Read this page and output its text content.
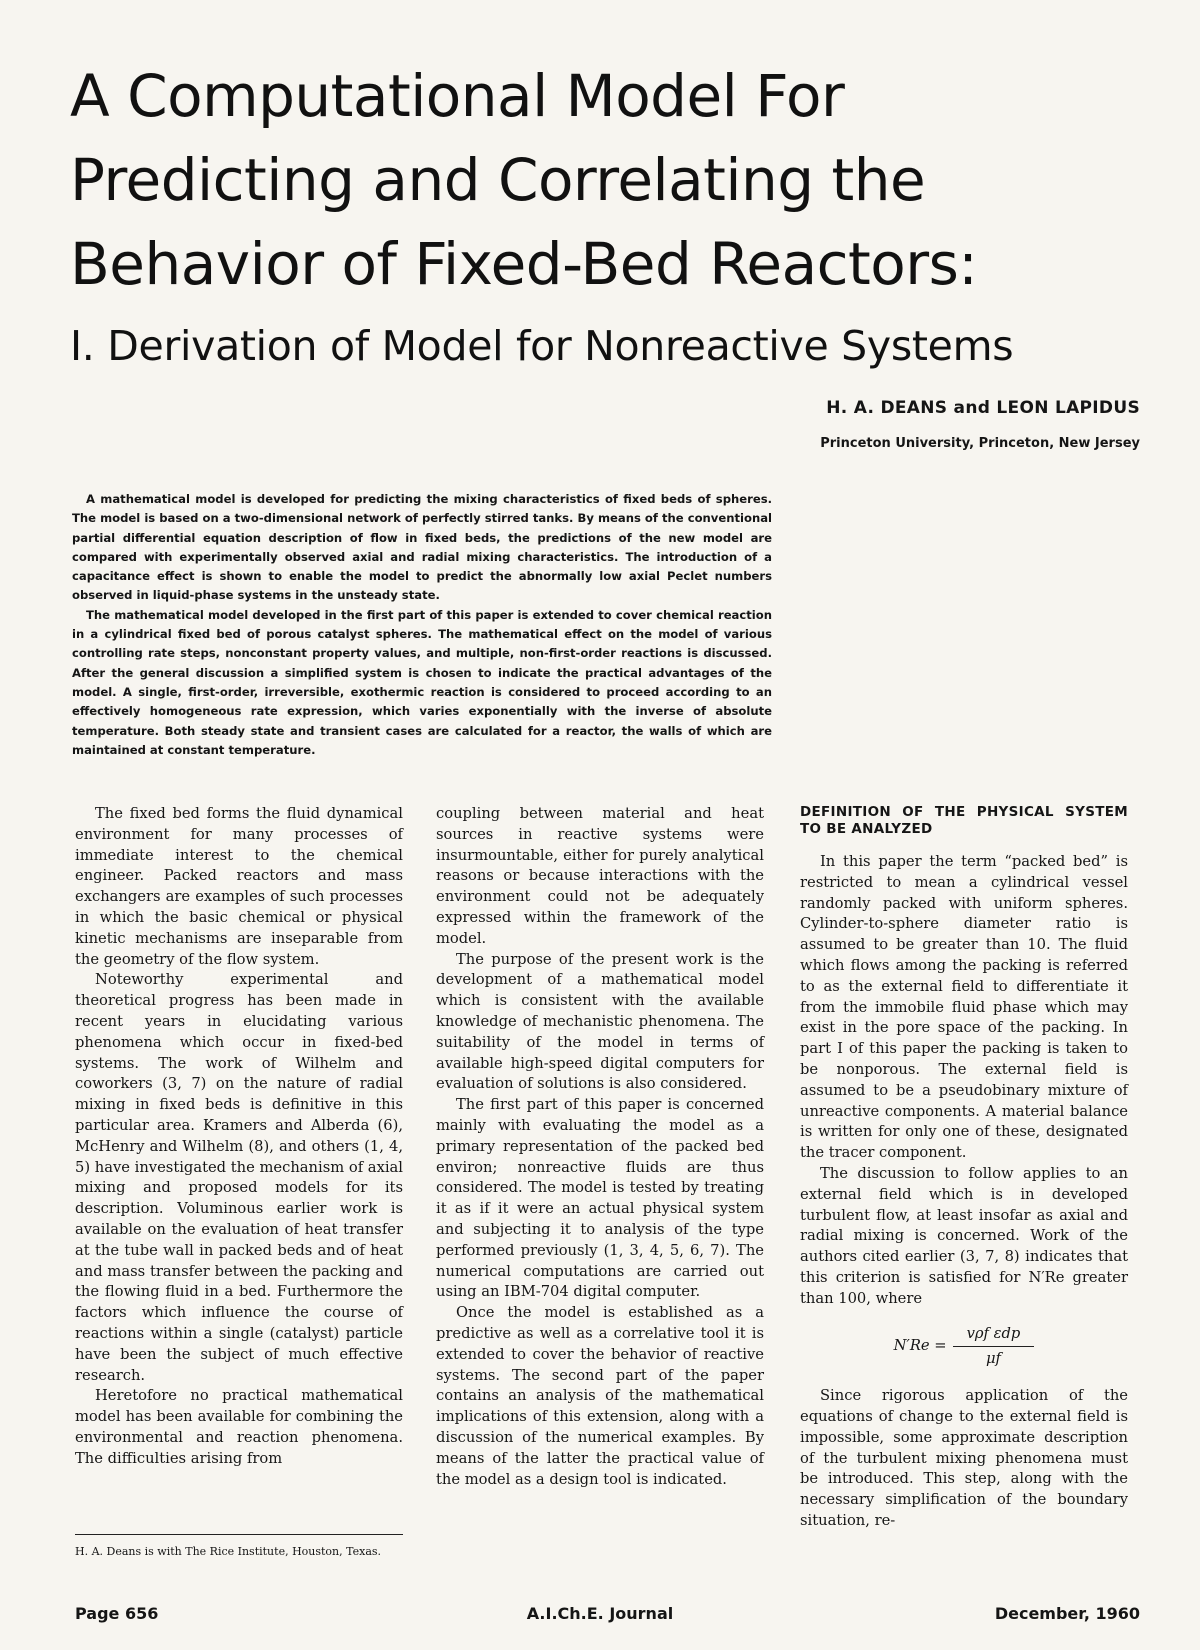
A Computational Model For Predicting and Correlating the Behavior of Fixed-Bed Reactors:
I. Derivation of Model for Nonreactive Systems

H. A. DEANS and LEON LAPIDUS

Princeton University, Princeton, New Jersey

A mathematical model is developed for predicting the mixing characteristics of fixed beds of spheres. The model is based on a two-dimensional network of perfectly stirred tanks. By means of the conventional partial differential equation description of flow in fixed beds, the predictions of the new model are compared with experimentally observed axial and radial mixing characteristics. The introduction of a capacitance effect is shown to enable the model to predict the abnormally low axial Peclet numbers observed in liquid-phase systems in the unsteady state.

The mathematical model developed in the first part of this paper is extended to cover chemical reaction in a cylindrical fixed bed of porous catalyst spheres. The mathematical effect on the model of various controlling rate steps, nonconstant property values, and multiple, non-first-order reactions is discussed. After the general discussion a simplified system is chosen to indicate the practical advantages of the model. A single, first-order, irreversible, exothermic reaction is considered to proceed according to an effectively homogeneous rate expression, which varies exponentially with the inverse of absolute temperature. Both steady state and transient cases are calculated for a reactor, the walls of which are maintained at constant temperature.

The fixed bed forms the fluid dynamical environment for many processes of immediate interest to the chemical engineer. Packed reactors and mass exchangers are examples of such processes in which the basic chemical or physical kinetic mechanisms are inseparable from the geometry of the flow system.

Noteworthy experimental and theoretical progress has been made in recent years in elucidating various phenomena which occur in fixed-bed systems. The work of Wilhelm and coworkers (3, 7) on the nature of radial mixing in fixed beds is definitive in this particular area. Kramers and Alberda (6), McHenry and Wilhelm (8), and others (1, 4, 5) have investigated the mechanism of axial mixing and proposed models for its description. Voluminous earlier work is available on the evaluation of heat transfer at the tube wall in packed beds and of heat and mass transfer between the packing and the flowing fluid in a bed. Furthermore the factors which influence the course of reactions within a single (catalyst) particle have been the subject of much effective research.

Heretofore no practical mathematical model has been available for combining the environmental and reaction phenomena. The difficulties arising from

H. A. Deans is with The Rice Institute, Houston, Texas.

coupling between material and heat sources in reactive systems were insurmountable, either for purely analytical reasons or because interactions with the environment could not be adequately expressed within the framework of the model.

The purpose of the present work is the development of a mathematical model which is consistent with the available knowledge of mechanistic phenomena. The suitability of the model in terms of available high-speed digital computers for evaluation of solutions is also considered.

The first part of this paper is concerned mainly with evaluating the model as a primary representation of the packed bed environ; nonreactive fluids are thus considered. The model is tested by treating it as if it were an actual physical system and subjecting it to analysis of the type performed previously (1, 3, 4, 5, 6, 7). The numerical computations are carried out using an IBM-704 digital computer.

Once the model is established as a predictive as well as a correlative tool it is extended to cover the behavior of reactive systems. The second part of the paper contains an analysis of the mathematical implications of this extension, along with a discussion of the numerical examples. By means of the latter the practical value of the model as a design tool is indicated.

DEFINITION OF THE PHYSICAL SYSTEM TO BE ANALYZED

In this paper the term “packed bed” is restricted to mean a cylindrical vessel randomly packed with uniform spheres. Cylinder-to-sphere diameter ratio is assumed to be greater than 10. The fluid which flows among the packing is referred to as the external field to differentiate it from the immobile fluid phase which may exist in the pore space of the packing. In part I of this paper the packing is taken to be nonporous. The external field is assumed to be a pseudobinary mixture of unreactive components. A material balance is written for only one of these, designated the tracer component.

The discussion to follow applies to an external field which is in developed turbulent flow, at least insofar as axial and radial mixing is concerned. Work of the authors cited earlier (3, 7, 8) indicates that this criterion is satisfied for N′Re greater than 100, where

$N'Re = \frac{\text{vρf εdp}}{\mu f}$

Since rigorous application of the equations of change to the external field is impossible, some approximate description of the turbulent mixing phenomena must be introduced. This step, along with the necessary simplification of the boundary situation, re-

Page 656	A.I.Ch.E. Journal	December, 1960
